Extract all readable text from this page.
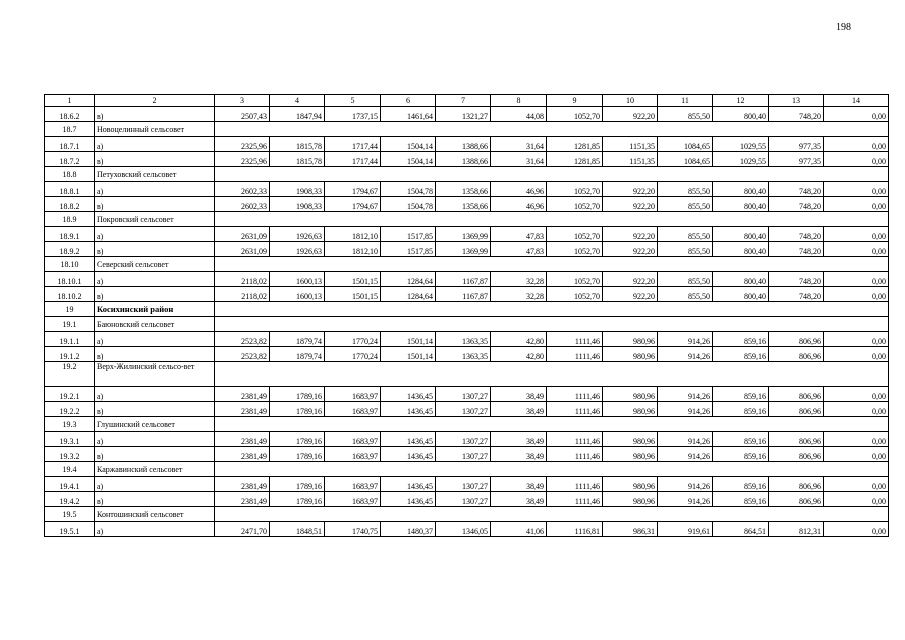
198
1	2	3	4	5	6	7	8	9	10	11	12	13	14
18.6.2	в)	2507,43	1847,94	1737,15	1461,64	1321,27	44,08	1052,70	922,20	855,50	800,40	748,20	0,00
18.7	Новоцелинный сельсовет												
18.7.1	а)	2325,96	1815,78	1717,44	1504,14	1388,66	31,64	1281,85	1151,35	1084,65	1029,55	977,35	0,00
18.7.2	в)	2325,96	1815,78	1717,44	1504,14	1388,66	31,64	1281,85	1151,35	1084,65	1029,55	977,35	0,00
18.8	Петуховский сельсовет												
18.8.1	а)	2602,33	1908,33	1794,67	1504,78	1358,66	46,96	1052,70	922,20	855,50	800,40	748,20	0,00
18.8.2	в)	2602,33	1908,33	1794,67	1504,78	1358,66	46,96	1052,70	922,20	855,50	800,40	748,20	0,00
18.9	Покровский сельсовет												
18.9.1	а)	2631,09	1926,63	1812,10	1517,85	1369,99	47,83	1052,70	922,20	855,50	800,40	748,20	0,00
18.9.2	в)	2631,09	1926,63	1812,10	1517,85	1369,99	47,83	1052,70	922,20	855,50	800,40	748,20	0,00
18.10	Северский сельсовет												
18.10.1	а)	2118,02	1600,13	1501,15	1284,64	1167,87	32,28	1052,70	922,20	855,50	800,40	748,20	0,00
18.10.2	в)	2118,02	1600,13	1501,15	1284,64	1167,87	32,28	1052,70	922,20	855,50	800,40	748,20	0,00
19	Косихинский район												
19.1	Баюновский сельсовет												
19.1.1	а)	2523,82	1879,74	1770,24	1501,14	1363,35	42,80	1111,46	980,96	914,26	859,16	806,96	0,00
19.1.2	в)	2523,82	1879,74	1770,24	1501,14	1363,35	42,80	1111,46	980,96	914,26	859,16	806,96	0,00
19.2	Верх-Жилинский сельсо-вет												
19.2.1	а)	2381,49	1789,16	1683,97	1436,45	1307,27	38,49	1111,46	980,96	914,26	859,16	806,96	0,00
19.2.2	в)	2381,49	1789,16	1683,97	1436,45	1307,27	38,49	1111,46	980,96	914,26	859,16	806,96	0,00
19.3	Глушинский сельсовет												
19.3.1	а)	2381,49	1789,16	1683,97	1436,45	1307,27	38,49	1111,46	980,96	914,26	859,16	806,96	0,00
19.3.2	в)	2381,49	1789,16	1683,97	1436,45	1307,27	38,49	1111,46	980,96	914,26	859,16	806,96	0,00
19.4	Каржавинский сельсовет												
19.4.1	а)	2381,49	1789,16	1683,97	1436,45	1307,27	38,49	1111,46	980,96	914,26	859,16	806,96	0,00
19.4.2	в)	2381,49	1789,16	1683,97	1436,45	1307,27	38,49	1111,46	980,96	914,26	859,16	806,96	0,00
19.5	Контошинский сельсовет												
19.5.1	а)	2471,70	1848,51	1740,75	1480,37	1346,05	41,06	1116,81	986,31	919,61	864,51	812,31	0,00
